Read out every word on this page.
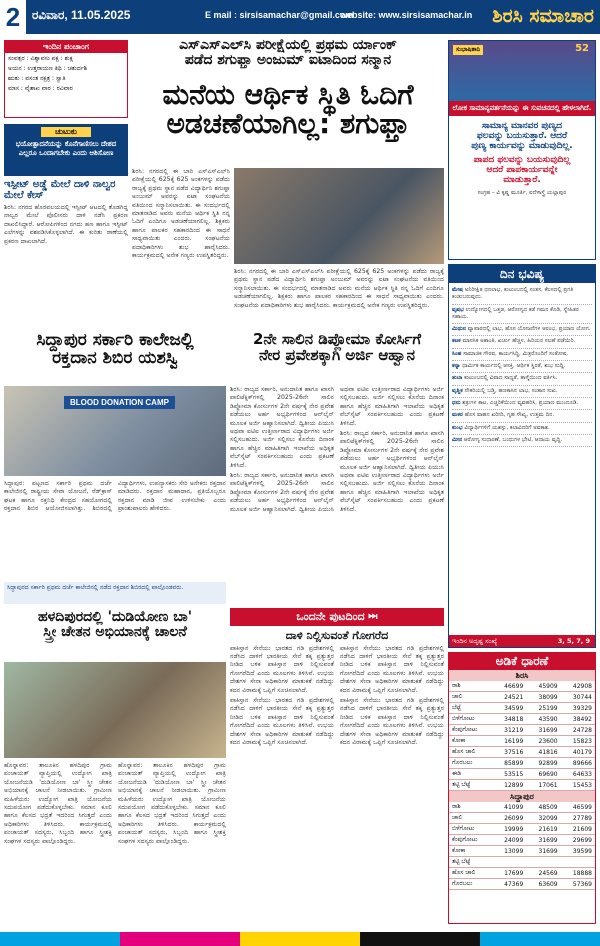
2 ರವಿವಾರ, 11.05.2025	E mail : sirsisamachar@gmail.com
website: www.sirsisamachar.in ಶಿರಸಿ ಸಮಾಚಾರ
ಇಂದಿನ ಪಂಚಾಂಗ
ಸಂವತ್ಸರ : ವಿಶ್ವಾವಸು ಪಕ್ಷ : ಶುಕ್ಲ
ಅಯನ : ಉತ್ತರಾಯಣ ತಿಥಿ : ಚತುರ್ದಶಿ
ಋತು : ವಸಂತ ನಕ್ಷತ್ರ : ಸ್ವಾತಿ
ಮಾಸ : ವೈಶಾಖ ವಾರ : ರವಿವಾರ
ಚುಟುಕು
ಭಯೋತ್ಪಾದನೆಯನ್ನು ಕೊನೆಗಾಣಿಸಲು ದೇಶದ ಎಲ್ಲರೂ ಒಂದಾಗಬೇಕು ಎಂದು ಆಶಿಸೋಣ
ಇಸ್ಪೀಟ್ ಅಡ್ಡೆ ಮೇಲೆ ದಾಳಿ ನಾಲ್ವರ ಮೇಲೆ ಕೇಸ್
ಶಿರಸಿ: ನಗರದ ಹೊರವಲಯದಲ್ಲಿ ಇಸ್ಪೀಟ್ ಆಟದಲ್ಲಿ ತೊಡಗಿದ್ದ ನಾಲ್ವರ ಮೇಲೆ ಪೊಲೀಸರು ದಾಳಿ ನಡೆಸಿ ಪ್ರಕರಣ ದಾಖಲಿಸಿದ್ದಾರೆ. ಆರೋಪಿಗಳಿಂದ ನಗದು ಹಣ ಹಾಗೂ ಇಸ್ಪೀಟ್ ಎಲೆಗಳನ್ನು ವಶಪಡಿಸಿಕೊಳ್ಳಲಾಗಿದೆ. ಈ ಕುರಿತು ಠಾಣೆಯಲ್ಲಿ ಪ್ರಕರಣ ದಾಖಲಾಗಿದೆ.
ಎಸ್‌ಎಸ್‌ಎಲ್‌ಸಿ ಪರೀಕ್ಷೆಯಲ್ಲಿ ಪ್ರಥಮ ರ್ಯಾಂಕ್
ಪಡೆದ ಶಗುಫ್ತಾ ಅಂಜುಮ್ ಐಟಾದಿಂದ ಸನ್ಮಾನ
ಮನೆಯ ಆರ್ಥಿಕ ಸ್ಥಿತಿ ಓದಿಗೆ
ಅಡಚಣೆಯಾಗಿಲ್ಲ: ಶಗುಫ್ತಾ

ಶಿರಸಿ: ನಗರದಲ್ಲಿ ಈ ಬಾರಿ ಎಸ್‌ಎಸ್‌ಎಲ್‌ಸಿ ಪರೀಕ್ಷೆಯಲ್ಲಿ 625ಕ್ಕೆ 625 ಅಂಕಗಳನ್ನು ಪಡೆದು ರಾಜ್ಯಕ್ಕೆ ಪ್ರಥಮ ಸ್ಥಾನ ಪಡೆದ ವಿದ್ಯಾರ್ಥಿನಿ ಶಗುಫ್ತಾ ಅಂಜುಮ್ ಅವರನ್ನು ಐಟಾ ಸಂಘಟನೆಯ ವತಿಯಿಂದ ಸನ್ಮಾನಿಸಲಾಯಿತು. ಈ ಸಂದರ್ಭದಲ್ಲಿ ಮಾತನಾಡಿದ ಅವರು ಮನೆಯ ಆರ್ಥಿಕ ಸ್ಥಿತಿ ನನ್ನ ಓದಿಗೆ ಎಂದಿಗೂ ಅಡಚಣೆಯಾಗಲಿಲ್ಲ. ಶಿಕ್ಷಕರು ಹಾಗೂ ಪಾಲಕರ ಸಹಕಾರದಿಂದ ಈ ಸಾಧನೆ ಸಾಧ್ಯವಾಯಿತು ಎಂದರು. ಸಂಘಟನೆಯ ಪದಾಧಿಕಾರಿಗಳು ಶುಭ ಹಾರೈಸಿದರು. ಕಾರ್ಯಕ್ರಮದಲ್ಲಿ ಅನೇಕ ಗಣ್ಯರು ಉಪಸ್ಥಿತರಿದ್ದರು.

ಶಿರಸಿ: ನಗರದಲ್ಲಿ ಈ ಬಾರಿ ಎಸ್‌ಎಸ್‌ಎಲ್‌ಸಿ ಪರೀಕ್ಷೆಯಲ್ಲಿ 625ಕ್ಕೆ 625 ಅಂಕಗಳನ್ನು ಪಡೆದು ರಾಜ್ಯಕ್ಕೆ ಪ್ರಥಮ ಸ್ಥಾನ ಪಡೆದ ವಿದ್ಯಾರ್ಥಿನಿ ಶಗುಫ್ತಾ ಅಂಜುಮ್ ಅವರನ್ನು ಐಟಾ ಸಂಘಟನೆಯ ವತಿಯಿಂದ ಸನ್ಮಾನಿಸಲಾಯಿತು. ಈ ಸಂದರ್ಭದಲ್ಲಿ ಮಾತನಾಡಿದ ಅವರು ಮನೆಯ ಆರ್ಥಿಕ ಸ್ಥಿತಿ ನನ್ನ ಓದಿಗೆ ಎಂದಿಗೂ ಅಡಚಣೆಯಾಗಲಿಲ್ಲ. ಶಿಕ್ಷಕರು ಹಾಗೂ ಪಾಲಕರ ಸಹಕಾರದಿಂದ ಈ ಸಾಧನೆ ಸಾಧ್ಯವಾಯಿತು ಎಂದರು. ಸಂಘಟನೆಯ ಪದಾಧಿಕಾರಿಗಳು ಶುಭ ಹಾರೈಸಿದರು. ಕಾರ್ಯಕ್ರಮದಲ್ಲಿ ಅನೇಕ ಗಣ್ಯರು ಉಪಸ್ಥಿತರಿದ್ದರು.

ಸುಭಾಷಿತಾನಿ	52
ಲೋಕ ಸಾಮಾನ್ಯವರ್ತನೆಯನ್ನು ಈ ಸುವಚನದಲ್ಲಿ ಹೇಳಲಾಗಿದೆ.
ಸಾಮಾನ್ಯ ಮಾನವರ ಪುಣ್ಯದ
ಫಲವನ್ನು ಬಯಸುತ್ತಾರೆ. ಆದರೆ
ಪುಣ್ಯ ಕಾರ್ಯವನ್ನು ಮಾಡುವುದಿಲ್ಲ.
ಪಾಪದ ಫಲವನ್ನು ಬಯಸುವುದಿಲ್ಲ
ಆದರೆ ಪಾಪಕಾರ್ಯವನ್ನೇ
ಮಾಡುತ್ತಾರೆ.
ಸಂಗ್ರಹ – ವಿ ಕೃಷ್ಣ ಮೂರ್ತಿ, ಐದೆಳಾಸ್ತ್ರೆ ಯಲ್ಲಾಪುರ
ದಿನ ಭವಿಷ್ಯ
ಮೇಷ ಅನಿರೀಕ್ಷಿತ ಧನಲಾಭ, ಕುಟುಂಬದಲ್ಲಿ ಸಂತಸ, ಕೆಲಸದಲ್ಲಿ ಪ್ರಗತಿ ಕಂಡುಬರುವುದು.
ವೃಷಭ ಉದ್ಯೋಗದಲ್ಲಿ ಒತ್ತಡ, ಆರೋಗ್ಯದ ಕಡೆ ಗಮನ ಕೊಡಿ, ಸ್ನೇಹಿತರ ಸಹಾಯ.
ಮಿಥುನ ವ್ಯಾಪಾರದಲ್ಲಿ ಲಾಭ, ಹೊಸ ಯೋಜನೆಗಳ ಆರಂಭ, ಪ್ರಯಾಣ ಯೋಗ.
ಕಟಕ ಮಾನಸಿಕ ಅಶಾಂತಿ, ಖರ್ಚು ಹೆಚ್ಚಳ, ಹಿರಿಯರ ಸಲಹೆ ಪಡೆಯಿರಿ.
ಸಿಂಹ ಸಾಮಾಜಿಕ ಗೌರವ, ಕಾರ್ಯಸಿದ್ಧಿ, ಮಿತ್ರರೊಂದಿಗೆ ಸಂತೋಷ.
ಕನ್ಯಾ ಧಾರ್ಮಿಕ ಕಾರ್ಯದಲ್ಲಿ ಆಸಕ್ತಿ, ಆರ್ಥಿಕ ಸ್ಥಿರತೆ, ಶುಭ ಸುದ್ದಿ.
ತುಲಾ ಕುಟುಂಬದಲ್ಲಿ ವಿವಾದ ಸಾಧ್ಯತೆ, ತಾಳ್ಮೆಯಿಂದ ವರ್ತಿಸಿ.
ವೃಶ್ಚಿಕ ನೌಕರಿಯಲ್ಲಿ ಬಡ್ತಿ, ಹಣಕಾಸಿನ ಲಾಭ, ಸಂತಾನ ಸುಖ.
ಧನು ಶತ್ರುಗಳ ಕಾಟ, ಎಚ್ಚರಿಕೆಯಿಂದ ವ್ಯವಹರಿಸಿ, ಪ್ರಯಾಣ ಮುಂದೂಡಿ.
ಮಕರ ಹೊಸ ವಾಹನ ಖರೀದಿ, ಗೃಹ ಸೌಖ್ಯ, ಉತ್ತಮ ದಿನ.
ಕುಂಭ ವಿದ್ಯಾರ್ಥಿಗಳಿಗೆ ಯಶಸ್ಸು, ಕಲಾವಿದರಿಗೆ ಅವಕಾಶ.
ಮೀನ ಆರೋಗ್ಯ ಸುಧಾರಣೆ, ಬಂಧುಗಳ ಭೇಟಿ, ಆದಾಯ ವೃದ್ಧಿ.
ಇಂದಿನ ಅದೃಷ್ಟ ಸಂಖ್ಯೆ	3, 5, 7, 9
ಅಡಿಕೆ ಧಾರಣೆ
ಶಿರಸಿ
ರಾಶಿ	46699	45909	42908
ಚಾಲಿ	24521	38099	30744
ಬೆಟ್ಟೆ	34599	25199	39329
ಬಿಳೆಗೋಟು	34818	43590	38492
ಕೆಂಪುಗೋಟು	31219	31699	24728
ಕೋಕಾ	16199	23600	15823
ಹೊಸ ಚಾಲಿ	37516	41816	40179
ಗೊರಬಲು	85899	92899	89666
ಈಡಿ	53515	69690	64633
ತಟ್ಟಿ ಬೆಟ್ಟೆ	12899	17061	15453
ಸಿದ್ದಾಪುರ
ರಾಶಿ	41099	48509	46599
ಚಾಲಿ	26099	32099	27789
ಬಿಳೆಗೋಟು	19999	21619	21609
ಕೆಂಪುಗೋಟು	24099	31699	29699
ಕೋಕಾ	13099	31699	39599
ತಟ್ಟಿ ಬೆಟ್ಟೆ			
ಹೊಸ ಚಾಲಿ	17699	24569	18888
ಗೊರಬಲು	47369	63609	57369
ಸಿದ್ದಾಪುರ ಸರ್ಕಾರಿ ಕಾಲೇಜಲ್ಲಿ
ರಕ್ತದಾನ ಶಿಬಿರ ಯಶಸ್ವಿ
BLOOD DONATION CAMP

ಸಿದ್ದಾಪುರ: ಪಟ್ಟಣದ ಸರ್ಕಾರಿ ಪ್ರಥಮ ದರ್ಜೆ ಕಾಲೇಜಿನಲ್ಲಿ ರಾಷ್ಟ್ರೀಯ ಸೇವಾ ಯೋಜನೆ, ರೆಡ್‌ಕ್ರಾಸ್ ಘಟಕ ಹಾಗೂ ರಕ್ತನಿಧಿ ಕೇಂದ್ರದ ಸಹಯೋಗದಲ್ಲಿ ರಕ್ತದಾನ ಶಿಬಿರ ಆಯೋಜಿಸಲಾಗಿತ್ತು. ಶಿಬಿರದಲ್ಲಿ ವಿದ್ಯಾರ್ಥಿಗಳು, ಉಪನ್ಯಾಸಕರು ಸೇರಿ ಅನೇಕರು ರಕ್ತದಾನ ಮಾಡಿದರು. ರಕ್ತದಾನ ಮಹಾದಾನ, ಪ್ರತಿಯೊಬ್ಬರೂ ರಕ್ತದಾನ ಮಾಡಿ ಜೀವ ಉಳಿಸಬೇಕು ಎಂದು ಪ್ರಾಂಶುಪಾಲರು ಹೇಳಿದರು.

ಸಿದ್ದಾಪುರದ ಸರ್ಕಾರಿ ಪ್ರಥಮ ದರ್ಜೆ ಕಾಲೇಜಿನಲ್ಲಿ ನಡೆದ ರಕ್ತದಾನ ಶಿಬಿರದಲ್ಲಿ ಪಾಲ್ಗೊಂಡವರು.
2ನೇ ಸಾಲಿನ ಡಿಪ್ಲೋಮಾ ಕೋರ್ಸಿಗೆ
ನೇರ ಪ್ರವೇಶಕ್ಕಾಗಿ ಅರ್ಜಿ ಆಹ್ವಾನ

ಶಿರಸಿ: ರಾಜ್ಯದ ಸರ್ಕಾರಿ, ಅನುದಾನಿತ ಹಾಗೂ ಖಾಸಗಿ ಪಾಲಿಟೆಕ್ನಿಕ್‌ಗಳಲ್ಲಿ 2025-26ನೇ ಸಾಲಿನ ಡಿಪ್ಲೋಮಾ ಕೋರ್ಸುಗಳ 2ನೇ ವರ್ಷಕ್ಕೆ ನೇರ ಪ್ರವೇಶ ಪಡೆಯಲು ಅರ್ಹ ಅಭ್ಯರ್ಥಿಗಳಿಂದ ಆನ್‌ಲೈನ್ ಮೂಲಕ ಅರ್ಜಿ ಆಹ್ವಾನಿಸಲಾಗಿದೆ. ದ್ವಿತೀಯ ಪಿಯುಸಿ ಅಥವಾ ಐಟಿಐ ಉತ್ತೀರ್ಣರಾದ ವಿದ್ಯಾರ್ಥಿಗಳು ಅರ್ಜಿ ಸಲ್ಲಿಸಬಹುದು. ಅರ್ಜಿ ಸಲ್ಲಿಸಲು ಕೊನೆಯ ದಿನಾಂಕ ಹಾಗೂ ಹೆಚ್ಚಿನ ಮಾಹಿತಿಗಾಗಿ ಇಲಾಖೆಯ ಅಧಿಕೃತ ವೆಬ್‌ಸೈಟ್ ಸಂಪರ್ಕಿಸಬಹುದು ಎಂದು ಪ್ರಕಟಣೆ ತಿಳಿಸಿದೆ.

ಶಿರಸಿ: ರಾಜ್ಯದ ಸರ್ಕಾರಿ, ಅನುದಾನಿತ ಹಾಗೂ ಖಾಸಗಿ ಪಾಲಿಟೆಕ್ನಿಕ್‌ಗಳಲ್ಲಿ 2025-26ನೇ ಸಾಲಿನ ಡಿಪ್ಲೋಮಾ ಕೋರ್ಸುಗಳ 2ನೇ ವರ್ಷಕ್ಕೆ ನೇರ ಪ್ರವೇಶ ಪಡೆಯಲು ಅರ್ಹ ಅಭ್ಯರ್ಥಿಗಳಿಂದ ಆನ್‌ಲೈನ್ ಮೂಲಕ ಅರ್ಜಿ ಆಹ್ವಾನಿಸಲಾಗಿದೆ. ದ್ವಿತೀಯ ಪಿಯುಸಿ ಅಥವಾ ಐಟಿಐ ಉತ್ತೀರ್ಣರಾದ ವಿದ್ಯಾರ್ಥಿಗಳು ಅರ್ಜಿ ಸಲ್ಲಿಸಬಹುದು. ಅರ್ಜಿ ಸಲ್ಲಿಸಲು ಕೊನೆಯ ದಿನಾಂಕ ಹಾಗೂ ಹೆಚ್ಚಿನ ಮಾಹಿತಿಗಾಗಿ ಇಲಾಖೆಯ ಅಧಿಕೃತ ವೆಬ್‌ಸೈಟ್ ಸಂಪರ್ಕಿಸಬಹುದು ಎಂದು ಪ್ರಕಟಣೆ ತಿಳಿಸಿದೆ.

ಶಿರಸಿ: ರಾಜ್ಯದ ಸರ್ಕಾರಿ, ಅನುದಾನಿತ ಹಾಗೂ ಖಾಸಗಿ ಪಾಲಿಟೆಕ್ನಿಕ್‌ಗಳಲ್ಲಿ 2025-26ನೇ ಸಾಲಿನ ಡಿಪ್ಲೋಮಾ ಕೋರ್ಸುಗಳ 2ನೇ ವರ್ಷಕ್ಕೆ ನೇರ ಪ್ರವೇಶ ಪಡೆಯಲು ಅರ್ಹ ಅಭ್ಯರ್ಥಿಗಳಿಂದ ಆನ್‌ಲೈನ್ ಮೂಲಕ ಅರ್ಜಿ ಆಹ್ವಾನಿಸಲಾಗಿದೆ. ದ್ವಿತೀಯ ಪಿಯುಸಿ ಅಥವಾ ಐಟಿಐ ಉತ್ತೀರ್ಣರಾದ ವಿದ್ಯಾರ್ಥಿಗಳು ಅರ್ಜಿ ಸಲ್ಲಿಸಬಹುದು. ಅರ್ಜಿ ಸಲ್ಲಿಸಲು ಕೊನೆಯ ದಿನಾಂಕ ಹಾಗೂ ಹೆಚ್ಚಿನ ಮಾಹಿತಿಗಾಗಿ ಇಲಾಖೆಯ ಅಧಿಕೃತ ವೆಬ್‌ಸೈಟ್ ಸಂಪರ್ಕಿಸಬಹುದು ಎಂದು ಪ್ರಕಟಣೆ ತಿಳಿಸಿದೆ.

ಒಂದನೇ ಪುಟದಿಂದ ⏭
ದಾಳಿ ನಿಲ್ಲಿಸುವಂತೆ ಗೋಗರೆದ

ಪಾಕಿಸ್ತಾನ ಸೇನೆಯು ಭಾರತದ ಗಡಿ ಪ್ರದೇಶಗಳಲ್ಲಿ ನಡೆಸಿದ ದಾಳಿಗೆ ಭಾರತೀಯ ಸೇನೆ ತಕ್ಕ ಪ್ರತ್ಯುತ್ತರ ನೀಡಿದ ಬಳಿಕ ಪಾಕಿಸ್ತಾನ ದಾಳಿ ನಿಲ್ಲಿಸುವಂತೆ ಗೋಗರೆದಿದೆ ಎಂದು ಮೂಲಗಳು ತಿಳಿಸಿವೆ. ಉಭಯ ದೇಶಗಳ ಸೇನಾ ಅಧಿಕಾರಿಗಳ ಮಾತುಕತೆ ನಡೆದಿದ್ದು ಕದನ ವಿರಾಮಕ್ಕೆ ಒಪ್ಪಿಗೆ ಸೂಚಿಸಲಾಗಿದೆ.

ಪಾಕಿಸ್ತಾನ ಸೇನೆಯು ಭಾರತದ ಗಡಿ ಪ್ರದೇಶಗಳಲ್ಲಿ ನಡೆಸಿದ ದಾಳಿಗೆ ಭಾರತೀಯ ಸೇನೆ ತಕ್ಕ ಪ್ರತ್ಯುತ್ತರ ನೀಡಿದ ಬಳಿಕ ಪಾಕಿಸ್ತಾನ ದಾಳಿ ನಿಲ್ಲಿಸುವಂತೆ ಗೋಗರೆದಿದೆ ಎಂದು ಮೂಲಗಳು ತಿಳಿಸಿವೆ. ಉಭಯ ದೇಶಗಳ ಸೇನಾ ಅಧಿಕಾರಿಗಳ ಮಾತುಕತೆ ನಡೆದಿದ್ದು ಕದನ ವಿರಾಮಕ್ಕೆ ಒಪ್ಪಿಗೆ ಸೂಚಿಸಲಾಗಿದೆ.

ಪಾಕಿಸ್ತಾನ ಸೇನೆಯು ಭಾರತದ ಗಡಿ ಪ್ರದೇಶಗಳಲ್ಲಿ ನಡೆಸಿದ ದಾಳಿಗೆ ಭಾರತೀಯ ಸೇನೆ ತಕ್ಕ ಪ್ರತ್ಯುತ್ತರ ನೀಡಿದ ಬಳಿಕ ಪಾಕಿಸ್ತಾನ ದಾಳಿ ನಿಲ್ಲಿಸುವಂತೆ ಗೋಗರೆದಿದೆ ಎಂದು ಮೂಲಗಳು ತಿಳಿಸಿವೆ. ಉಭಯ ದೇಶಗಳ ಸೇನಾ ಅಧಿಕಾರಿಗಳ ಮಾತುಕತೆ ನಡೆದಿದ್ದು ಕದನ ವಿರಾಮಕ್ಕೆ ಒಪ್ಪಿಗೆ ಸೂಚಿಸಲಾಗಿದೆ.

ಪಾಕಿಸ್ತಾನ ಸೇನೆಯು ಭಾರತದ ಗಡಿ ಪ್ರದೇಶಗಳಲ್ಲಿ ನಡೆಸಿದ ದಾಳಿಗೆ ಭಾರತೀಯ ಸೇನೆ ತಕ್ಕ ಪ್ರತ್ಯುತ್ತರ ನೀಡಿದ ಬಳಿಕ ಪಾಕಿಸ್ತಾನ ದಾಳಿ ನಿಲ್ಲಿಸುವಂತೆ ಗೋಗರೆದಿದೆ ಎಂದು ಮೂಲಗಳು ತಿಳಿಸಿವೆ. ಉಭಯ ದೇಶಗಳ ಸೇನಾ ಅಧಿಕಾರಿಗಳ ಮಾತುಕತೆ ನಡೆದಿದ್ದು ಕದನ ವಿರಾಮಕ್ಕೆ ಒಪ್ಪಿಗೆ ಸೂಚಿಸಲಾಗಿದೆ.

ಹಳದಿಪುರದಲ್ಲಿ 'ದುಡಿಯೋಣ ಬಾ'
ಸ್ತ್ರೀ ಚೇತನ ಅಭಿಯಾನಕ್ಕೆ ಚಾಲನೆ

ಹೊನ್ನಾವರ: ತಾಲೂಕಿನ ಹಳದಿಪುರ ಗ್ರಾಮ ಪಂಚಾಯತ್ ವ್ಯಾಪ್ತಿಯಲ್ಲಿ ಉದ್ಯೋಗ ಖಾತ್ರಿ ಯೋಜನೆಯಡಿ 'ದುಡಿಯೋಣ ಬಾ' ಸ್ತ್ರೀ ಚೇತನ ಅಭಿಯಾನಕ್ಕೆ ಚಾಲನೆ ನೀಡಲಾಯಿತು. ಗ್ರಾಮೀಣ ಮಹಿಳೆಯರು ಉದ್ಯೋಗ ಖಾತ್ರಿ ಯೋಜನೆಯ ಸದುಪಯೋಗ ಪಡೆದುಕೊಳ್ಳಬೇಕು. ಸಮಾನ ಕೂಲಿ ಹಾಗೂ ಕೆಲಸದ ಭದ್ರತೆ ಇದರಿಂದ ಸಿಗುತ್ತದೆ ಎಂದು ಅಧಿಕಾರಿಗಳು ತಿಳಿಸಿದರು. ಕಾರ್ಯಕ್ರಮದಲ್ಲಿ ಪಂಚಾಯತ್ ಸದಸ್ಯರು, ಸಿಬ್ಬಂದಿ ಹಾಗೂ ಸ್ತ್ರೀಶಕ್ತಿ ಸಂಘಗಳ ಸದಸ್ಯರು ಪಾಲ್ಗೊಂಡಿದ್ದರು.

ಹೊನ್ನಾವರ: ತಾಲೂಕಿನ ಹಳದಿಪುರ ಗ್ರಾಮ ಪಂಚಾಯತ್ ವ್ಯಾಪ್ತಿಯಲ್ಲಿ ಉದ್ಯೋಗ ಖಾತ್ರಿ ಯೋಜನೆಯಡಿ 'ದುಡಿಯೋಣ ಬಾ' ಸ್ತ್ರೀ ಚೇತನ ಅಭಿಯಾನಕ್ಕೆ ಚಾಲನೆ ನೀಡಲಾಯಿತು. ಗ್ರಾಮೀಣ ಮಹಿಳೆಯರು ಉದ್ಯೋಗ ಖಾತ್ರಿ ಯೋಜನೆಯ ಸದುಪಯೋಗ ಪಡೆದುಕೊಳ್ಳಬೇಕು. ಸಮಾನ ಕೂಲಿ ಹಾಗೂ ಕೆಲಸದ ಭದ್ರತೆ ಇದರಿಂದ ಸಿಗುತ್ತದೆ ಎಂದು ಅಧಿಕಾರಿಗಳು ತಿಳಿಸಿದರು. ಕಾರ್ಯಕ್ರಮದಲ್ಲಿ ಪಂಚಾಯತ್ ಸದಸ್ಯರು, ಸಿಬ್ಬಂದಿ ಹಾಗೂ ಸ್ತ್ರೀಶಕ್ತಿ ಸಂಘಗಳ ಸದಸ್ಯರು ಪಾಲ್ಗೊಂಡಿದ್ದರು.
